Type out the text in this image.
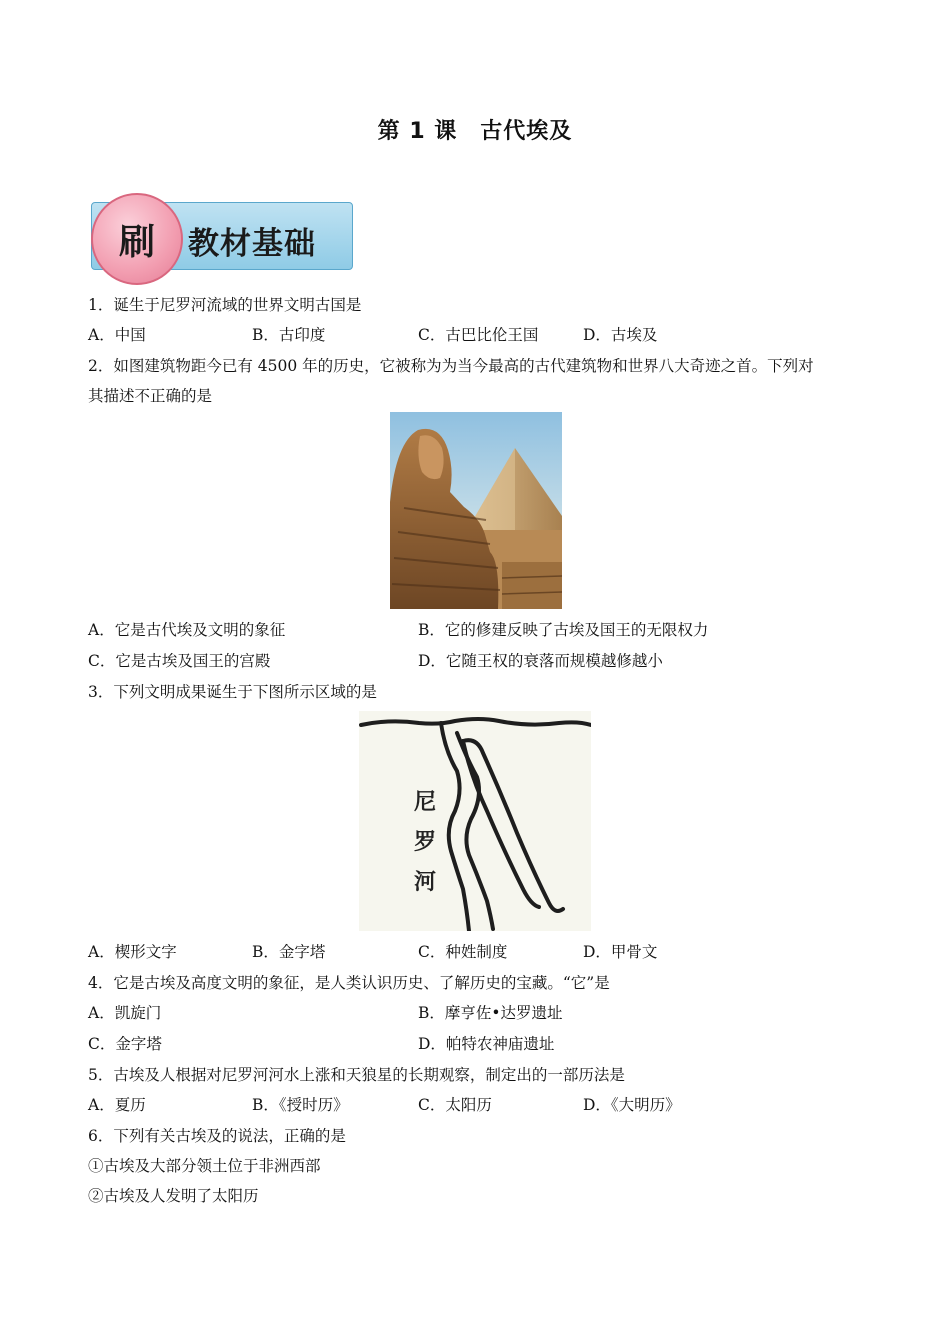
第 1 课　古代埃及
刷	教材基础
1．诞生于尼罗河流域的世界文明古国是
A．中国	B．古印度	C．古巴比伦王国	D．古埃及
2．如图建筑物距今已有 4500 年的历史，它被称为为当今最高的古代建筑物和世界八大奇迹之首。下列对
其描述不正确的是
A．它是古代埃及文明的象征	B．它的修建反映了古埃及国王的无限权力
C．它是古埃及国王的宫殿	D．它随王权的衰落而规模越修越小
3．下列文明成果诞生于下图所示区域的是
尼
罗
河
A．楔形文字	B．金字塔	C．种姓制度	D．甲骨文
4．它是古埃及高度文明的象征，是人类认识历史、了解历史的宝藏。“它”是
A．凯旋门	B．摩亨佐•达罗遗址
C．金字塔	D．帕特农神庙遗址
5．古埃及人根据对尼罗河河水上涨和天狼星的长期观察，制定出的一部历法是
A．夏历	B．《授时历》	C．太阳历	D．《大明历》
6．下列有关古埃及的说法，正确的是
①古埃及大部分领土位于非洲西部
②古埃及人发明了太阳历
